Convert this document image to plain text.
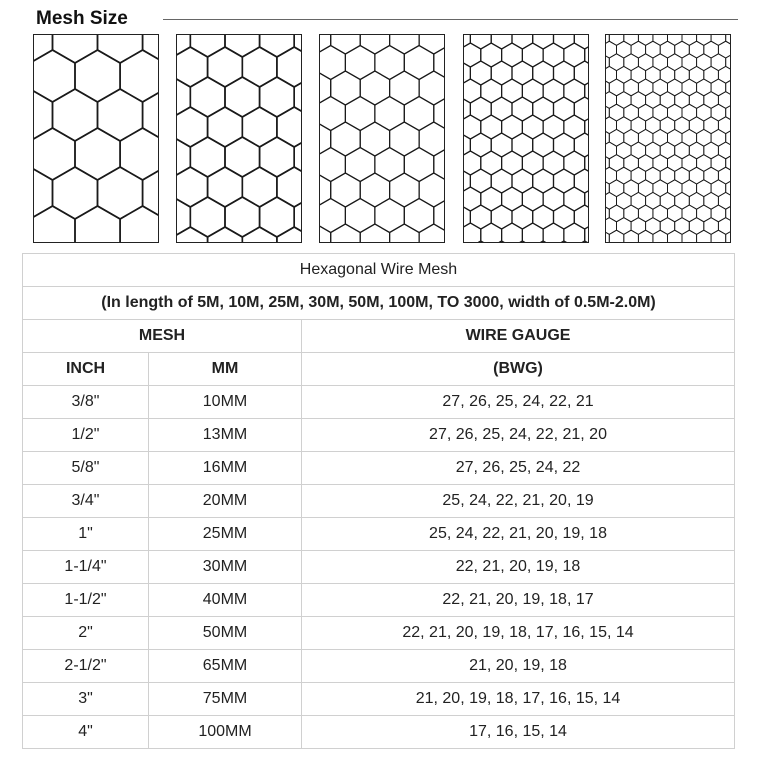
Mesh Size
Hexagonal Wire Mesh		
(In length of 5M, 10M, 25M, 30M, 50M, 100M, TO 3000, width of 0.5M-2.0M)		
MESH		WIRE GAUGE
INCH	MM	(BWG)
3/8"	10MM	27, 26, 25, 24, 22, 21
1/2"	13MM	27, 26, 25, 24, 22, 21, 20
5/8"	16MM	27, 26, 25, 24, 22
3/4"	20MM	25, 24, 22, 21, 20, 19
1"	25MM	25, 24, 22, 21, 20, 19, 18
1-1/4"	30MM	22, 21, 20, 19, 18
1-1/2"	40MM	22, 21, 20, 19, 18, 17
2"	50MM	22, 21, 20, 19, 18, 17, 16, 15, 14
2-1/2"	65MM	21, 20, 19, 18
3"	75MM	21, 20, 19, 18, 17, 16, 15, 14
4"	100MM	17, 16, 15, 14
